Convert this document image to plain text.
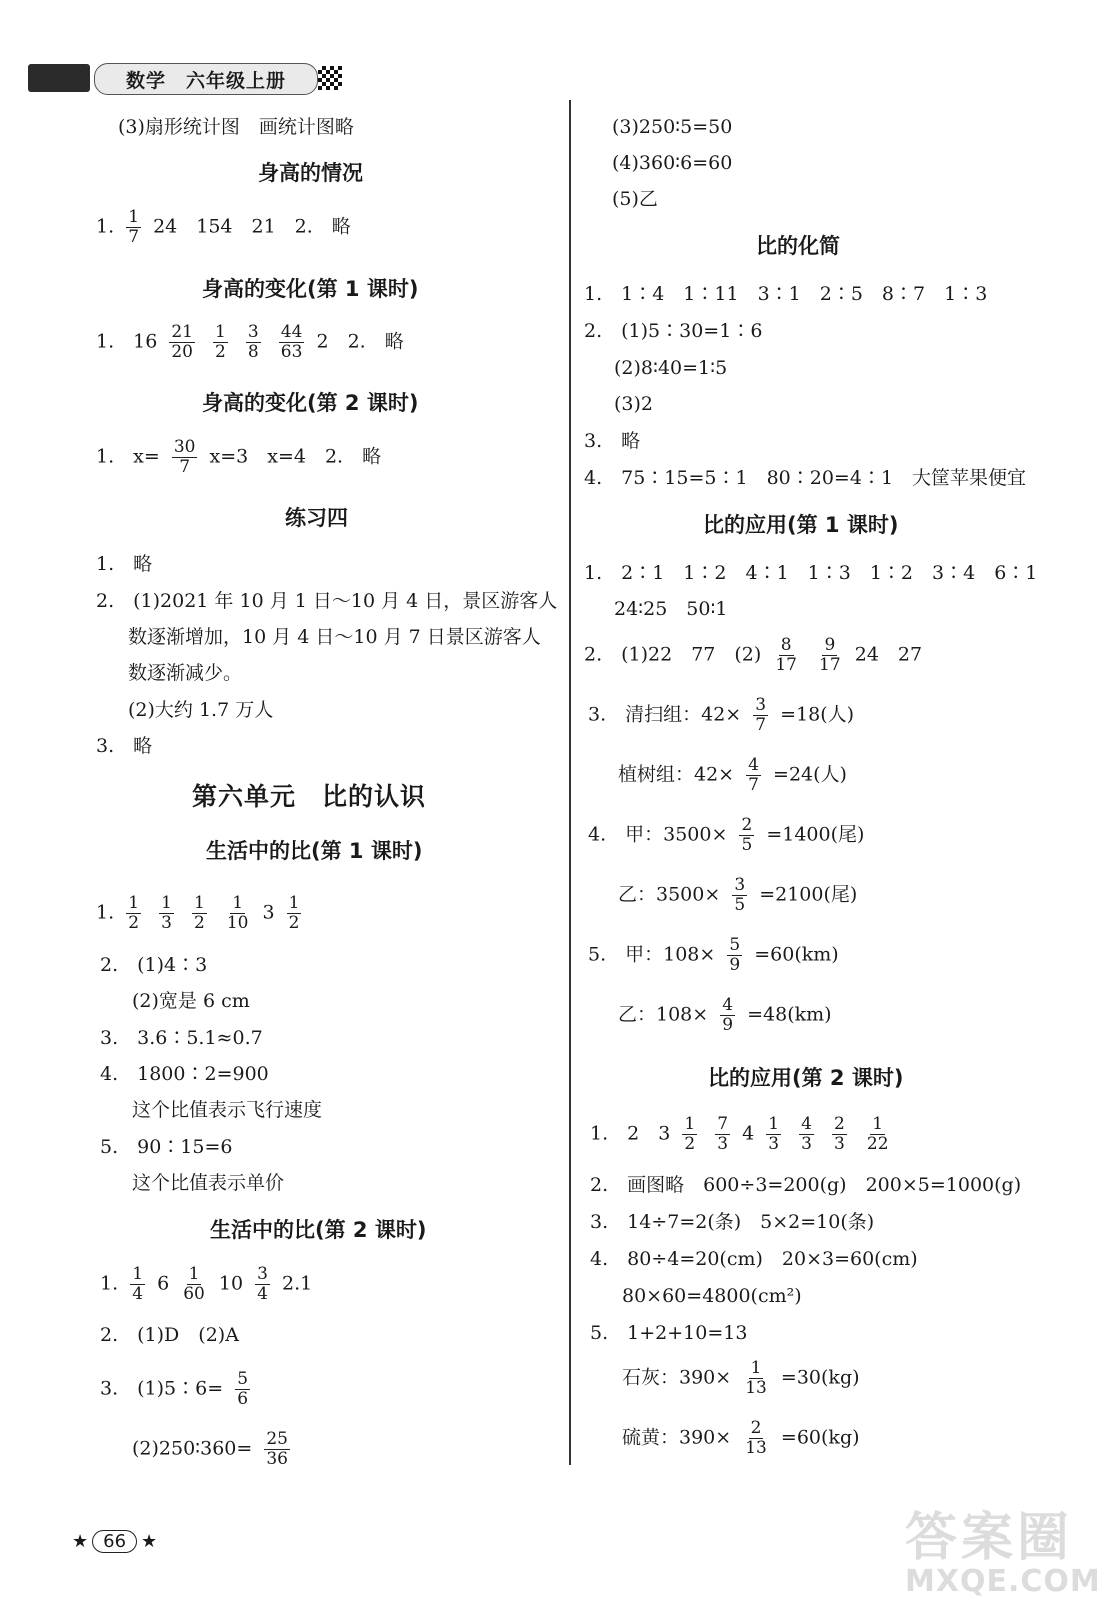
数学　六年级上册
(3)扇形统计图　画统计图略
身高的情况
1. $\frac{1}{7} 24$　154　21　2.　略
身高的变化(第 1 课时)
1.　$16 \frac{21}{20}$
$\frac{1}{2}$
$\frac{3}{8}$
$\frac{44}{63} 2$　2.　略
身高的变化(第 2 课时)
1.　$x= \frac{30}{7} x=3$　x=4　2.　略
练习四
1.　略
2.　(1)2021 年 10 月 1 日～10 月 4 日，景区游客人
数逐渐增加，10 月 4 日～10 月 7 日景区游客人
数逐渐减少。
(2)大约 1.7 万人
3.　略
第六单元　比的认识
生活中的比(第 1 课时)
1. $\frac{1}{2}$
$\frac{1}{3}$
$\frac{1}{2}$
$\frac{1}{10} 3 \frac{1}{2}$
2.　(1)4∶3
(2)宽是 6 cm
3.　3.6∶5.1≈0.7
4.　1800∶2=900
这个比值表示飞行速度
5.　90∶15=6
这个比值表示单价
生活中的比(第 2 课时)
1. $\frac{1}{4} 6 \frac{1}{60} 10 \frac{3}{4} 2.1$
2.　(1)D　(2)A
3.　(1)5∶6= $\frac{5}{6}$
(2)250∶360= $\frac{25}{36}$
(3)250∶5=50
(4)360∶6=60
(5)乙
比的化简
1.　1∶4　1∶11　3∶1　2∶5　8∶7　1∶3
2.　(1)5∶30=1∶6
(2)8∶40=1∶5
(3)2
3.　略
4.　75∶15=5∶1　80∶20=4∶1　大筐苹果便宜
比的应用(第 1 课时)
1.　2∶1　1∶2　4∶1　1∶3　1∶2　3∶4　6∶1
24∶25　50∶1
2.　(1)22　77　$(2) \frac{8}{17}$
$\frac{9}{17} 24$　27
3.　清扫组：$42\times \frac{3}{7} =18$(人)
植树组：$42\times \frac{4}{7} =24$(人)
4.　甲：$3500\times \frac{2}{5} =1400$(尾)
乙：$3500\times \frac{3}{5} =2100$(尾)
5.　甲：$108\times \frac{5}{9} =60(km)$
乙：$108\times \frac{4}{9} =48(km)$
比的应用(第 2 课时)
1.　2　$3 \frac{1}{2}$
$\frac{7}{3} 4 \frac{1}{3}$
$\frac{4}{3}$
$\frac{2}{3}$
$\frac{1}{22}$
2.　画图略　600÷3=200(g)　200×5=1000(g)
3.　14÷7=2(条)　5×2=10(条)
4.　80÷4=20(cm)　20×3=60(cm)
80×60=4800(cm²)
5.　1+2+10=13
石灰：$390\times \frac{1}{13} =30(kg)$
硫黄：$390\times \frac{2}{13} =60(kg)$
★ 66 ★	答案圈
MXQE.COM
